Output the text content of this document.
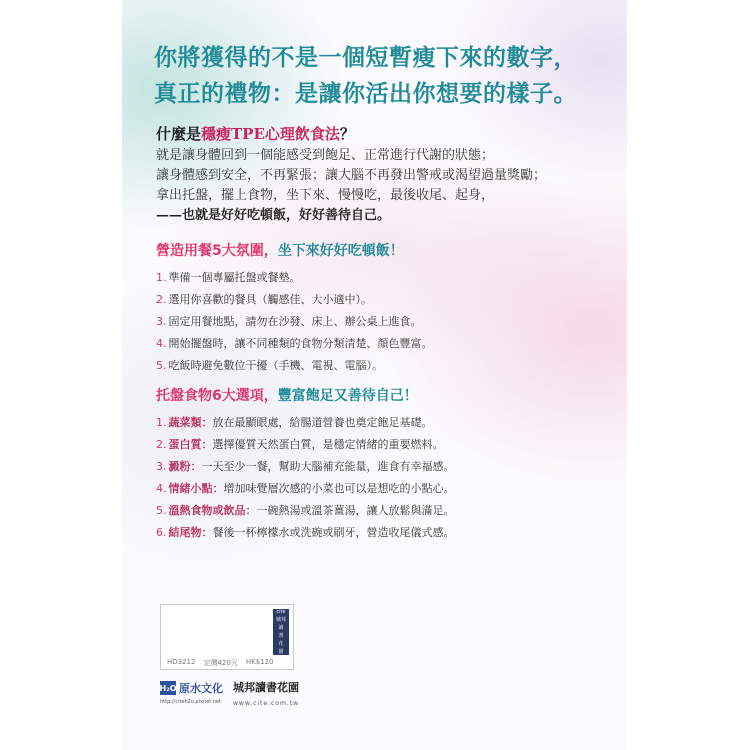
你將獲得的不是一個短暫瘦下來的數字，
真正的禮物：是讓你活出你想要的樣子。
什麼是穩瘦TPE心理飲食法？
就是讓身體回到一個能感受到飽足、正常進行代謝的狀態；
讓身體感到安全，不再緊張；讓大腦不再發出警戒或渴望過量獎勵；
拿出托盤，擺上食物，坐下來、慢慢吃，最後收尾、起身，
——也就是好好吃頓飯，好好善待自己。
營造用餐5大氛圍，坐下來好好吃頓飯！
1. 準備一個專屬托盤或餐墊。
2. 選用你喜歡的餐具（觸感佳、大小適中）。
3. 固定用餐地點，請勿在沙發、床上、辦公桌上進食。
4. 開始擺盤時，讓不同種類的食物分類清楚、顏色豐富。
5. 吃飯時避免數位干擾（手機、電視、電腦）。
托盤食物6大選項，豐富飽足又善待自己！
1. 蔬菜類：放在最顯眼處，給腸道營養也奠定飽足基礎。
2. 蛋白質：選擇優質天然蛋白質，是穩定情緒的重要燃料。
3. 澱粉：一天至少一餐，幫助大腦補充能量，進食有幸福感。
4. 情緒小點：增加味覺層次感的小菜也可以是想吃的小點心。
5. 溫熱食物或飲品：一碗熱湯或溫茶薑湯，讓人放鬆與滿足。
6. 結尾物：餐後一杯檸檬水或洗碗或刷牙，營造收尾儀式感。
cite
城邦
讀
書
花
園
HD3212 定價420元 HK$120
H₂O 原水文化
http://citeh2o.pixnet.net
城邦讀書花園
www.cite.com.tw
